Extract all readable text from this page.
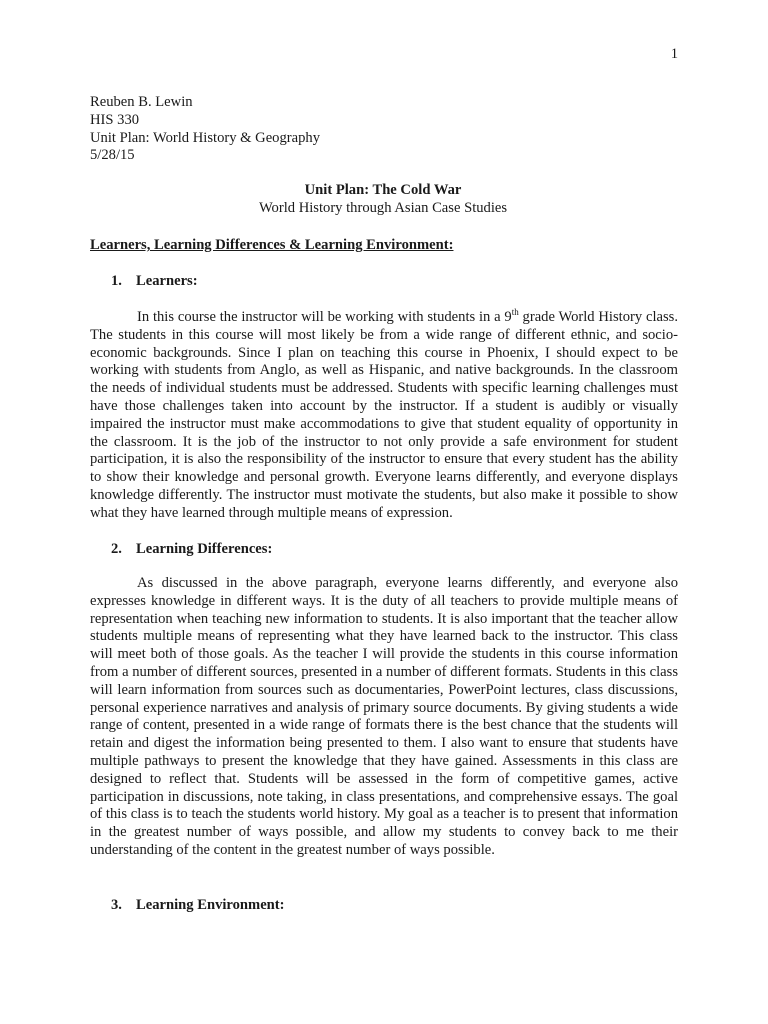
1

Reuben B. Lewin

HIS 330

Unit Plan: World History & Geography

5/28/15

Unit Plan: The Cold War

World History through Asian Case Studies

Learners, Learning Differences & Learning Environment:

1. Learners:

In this course the instructor will be working with students in a 9th grade World History class. The students in this course will most likely be from a wide range of different ethnic, and socio-economic backgrounds. Since I plan on teaching this course in Phoenix, I should expect to be working with students from Anglo, as well as Hispanic, and native backgrounds. In the classroom the needs of individual students must be addressed. Students with specific learning challenges must have those challenges taken into account by the instructor. If a student is audibly or visually impaired the instructor must make accommodations to give that student equality of opportunity in the classroom. It is the job of the instructor to not only provide a safe environment for student participation, it is also the responsibility of the instructor to ensure that every student has the ability to show their knowledge and personal growth. Everyone learns differently, and everyone displays knowledge differently. The instructor must motivate the students, but also make it possible to show what they have learned through multiple means of expression.

2. Learning Differences:

As discussed in the above paragraph, everyone learns differently, and everyone also expresses knowledge in different ways. It is the duty of all teachers to provide multiple means of representation when teaching new information to students. It is also important that the teacher allow students multiple means of representing what they have learned back to the instructor. This class will meet both of those goals. As the teacher I will provide the students in this course information from a number of different sources, presented in a number of different formats. Students in this class will learn information from sources such as documentaries, PowerPoint lectures, class discussions, personal experience narratives and analysis of primary source documents. By giving students a wide range of content, presented in a wide range of formats there is the best chance that the students will retain and digest the information being presented to them. I also want to ensure that students have multiple pathways to present the knowledge that they have gained. Assessments in this class are designed to reflect that. Students will be assessed in the form of competitive games, active participation in discussions, note taking, in class presentations, and comprehensive essays. The goal of this class is to teach the students world history. My goal as a teacher is to present that information in the greatest number of ways possible, and allow my students to convey back to me their understanding of the content in the greatest number of ways possible.

3. Learning Environment:
